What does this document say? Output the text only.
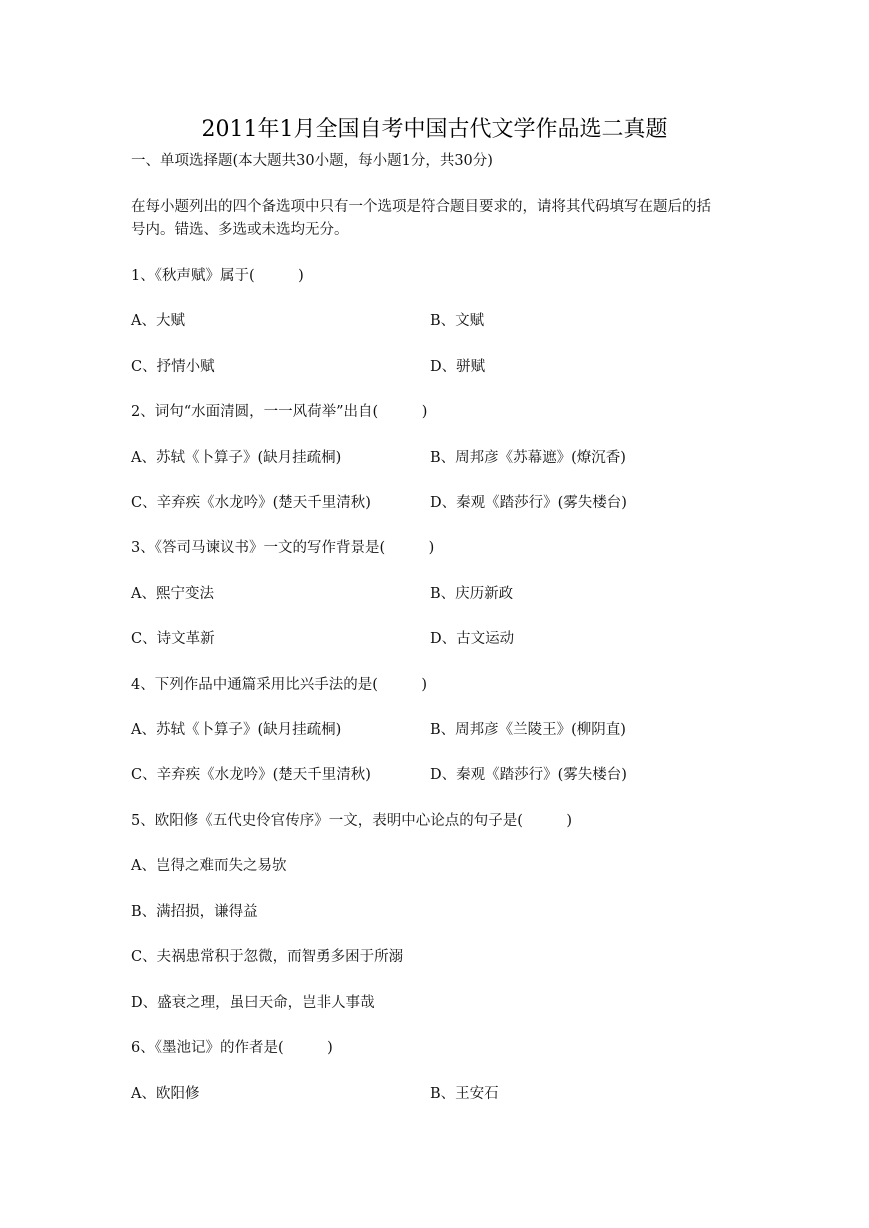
2011年1月全国自考中国古代文学作品选二真题
一、单项选择题(本大题共30小题，每小题1分，共30分)
在每小题列出的四个备选项中只有一个选项是符合题目要求的，请将其代码填写在题后的括
号内。错选、多选或未选均无分。
1、《秋声赋》属于(　　　)
A、大赋	B、文赋
C、抒情小赋	D、骈赋
2、词句“水面清圆，一一风荷举”出自(　　　)
A、苏轼《卜算子》(缺月挂疏桐)	B、周邦彦《苏幕遮》(燎沉香)
C、辛弃疾《水龙吟》(楚天千里清秋)	D、秦观《踏莎行》(雾失楼台)
3、《答司马谏议书》一文的写作背景是(　　　)
A、熙宁变法	B、庆历新政
C、诗文革新	D、古文运动
4、下列作品中通篇采用比兴手法的是(　　　)
A、苏轼《卜算子》(缺月挂疏桐)	B、周邦彦《兰陵王》(柳阴直)
C、辛弃疾《水龙吟》(楚天千里清秋)	D、秦观《踏莎行》(雾失楼台)
5、欧阳修《五代史伶官传序》一文，表明中心论点的句子是(　　　)
A、岂得之难而失之易欤
B、满招损，谦得益
C、夫祸患常积于忽微，而智勇多困于所溺
D、盛衰之理，虽曰天命，岂非人事哉
6、《墨池记》的作者是(　　　)
A、欧阳修	B、王安石
